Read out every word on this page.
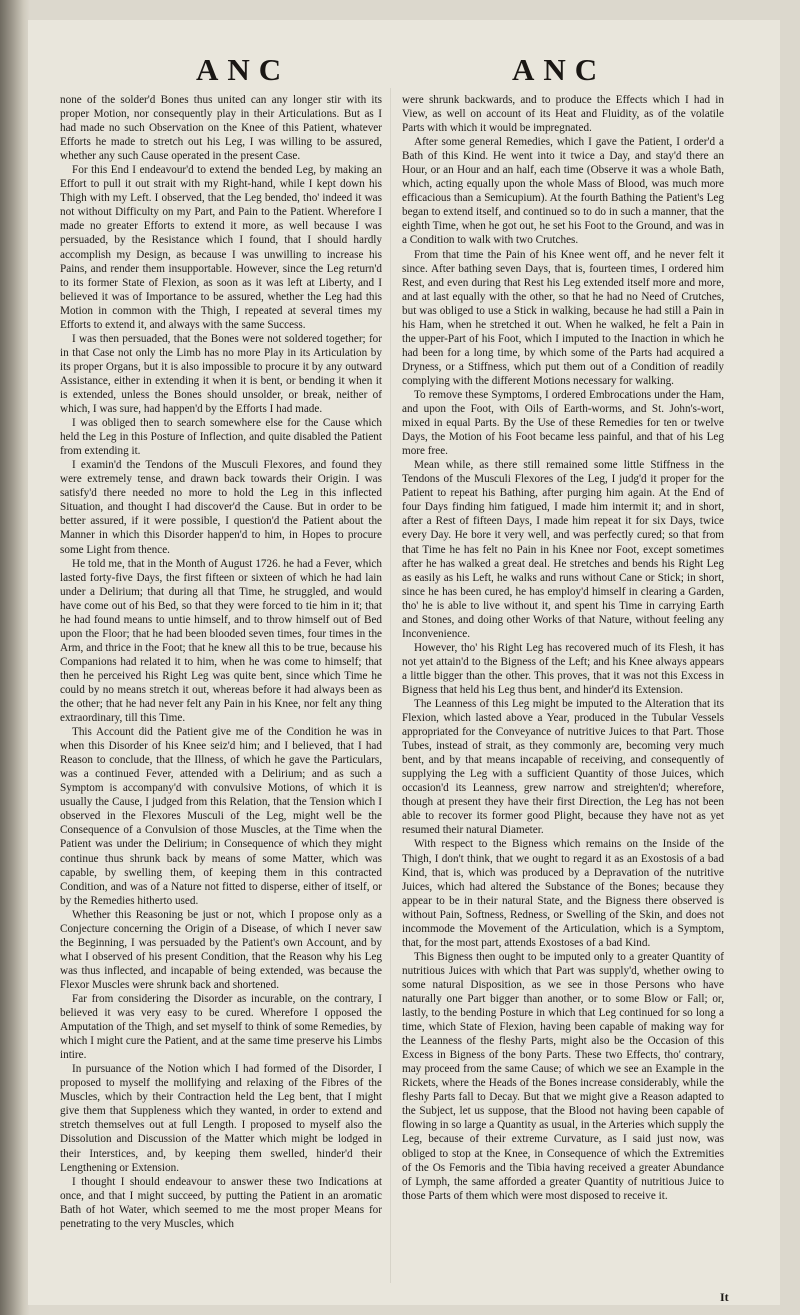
ANC	ANC

none of the solder'd Bones thus united can any longer stir with its proper Motion, nor consequently play in their Articulations. But as I had made no such Observation on the Knee of this Patient, whatever Efforts he made to stretch out his Leg, I was willing to be assured, whether any such Cause operated in the present Case.

For this End I endeavour'd to extend the bended Leg, by making an Effort to pull it out strait with my Right-hand, while I kept down his Thigh with my Left. I observed, that the Leg bended, tho' indeed it was not without Difficulty on my Part, and Pain to the Patient. Wherefore I made no greater Efforts to extend it more, as well because I was persuaded, by the Resistance which I found, that I should hardly accomplish my Design, as because I was unwilling to increase his Pains, and render them insupportable. However, since the Leg return'd to its former State of Flexion, as soon as it was left at Liberty, and I believed it was of Importance to be assured, whether the Leg had this Motion in common with the Thigh, I repeated at several times my Efforts to extend it, and always with the same Success.

I was then persuaded, that the Bones were not soldered together; for in that Case not only the Limb has no more Play in its Articulation by its proper Organs, but it is also impossible to procure it by any outward Assistance, either in extending it when it is bent, or bending it when it is extended, unless the Bones should unsolder, or break, neither of which, I was sure, had happen'd by the Efforts I had made.

I was obliged then to search somewhere else for the Cause which held the Leg in this Posture of Inflection, and quite disabled the Patient from extending it.

I examin'd the Tendons of the Musculi Flexores, and found they were extremely tense, and drawn back towards their Origin. I was satisfy'd there needed no more to hold the Leg in this inflected Situation, and thought I had discover'd the Cause. But in order to be better assured, if it were possible, I question'd the Patient about the Manner in which this Disorder happen'd to him, in Hopes to procure some Light from thence.

He told me, that in the Month of August 1726. he had a Fever, which lasted forty-five Days, the first fifteen or sixteen of which he had lain under a Delirium; that during all that Time, he struggled, and would have come out of his Bed, so that they were forced to tie him in it; that he had found means to untie himself, and to throw himself out of Bed upon the Floor; that he had been blooded seven times, four times in the Arm, and thrice in the Foot; that he knew all this to be true, because his Companions had related it to him, when he was come to himself; that then he perceived his Right Leg was quite bent, since which Time he could by no means stretch it out, whereas before it had always been as the other; that he had never felt any Pain in his Knee, nor felt any thing extraordinary, till this Time.

This Account did the Patient give me of the Condition he was in when this Disorder of his Knee seiz'd him; and I believed, that I had Reason to conclude, that the Illness, of which he gave the Particulars, was a continued Fever, attended with a Delirium; and as such a Symptom is accompany'd with convulsive Motions, of which it is usually the Cause, I judged from this Relation, that the Tension which I observed in the Flexores Musculi of the Leg, might well be the Consequence of a Convulsion of those Muscles, at the Time when the Patient was under the Delirium; in Consequence of which they might continue thus shrunk back by means of some Matter, which was capable, by swelling them, of keeping them in this contracted Condition, and was of a Nature not fitted to disperse, either of itself, or by the Remedies hitherto used.

Whether this Reasoning be just or not, which I propose only as a Conjecture concerning the Origin of a Disease, of which I never saw the Beginning, I was persuaded by the Patient's own Account, and by what I observed of his present Condition, that the Reason why his Leg was thus inflected, and incapable of being extended, was because the Flexor Muscles were shrunk back and shortened.

Far from considering the Disorder as incurable, on the contrary, I believed it was very easy to be cured. Wherefore I opposed the Amputation of the Thigh, and set myself to think of some Remedies, by which I might cure the Patient, and at the same time preserve his Limbs intire.

In pursuance of the Notion which I had formed of the Disorder, I proposed to myself the mollifying and relaxing of the Fibres of the Muscles, which by their Contraction held the Leg bent, that I might give them that Suppleness which they wanted, in order to extend and stretch themselves out at full Length. I proposed to myself also the Dissolution and Discussion of the Matter which might be lodged in their Interstices, and, by keeping them swelled, hinder'd their Lengthening or Extension.

I thought I should endeavour to answer these two Indications at once, and that I might succeed, by putting the Patient in an aromatic Bath of hot Water, which seemed to me the most proper Means for penetrating to the very Muscles, which

were shrunk backwards, and to produce the Effects which I had in View, as well on account of its Heat and Fluidity, as of the volatile Parts with which it would be impregnated.

After some general Remedies, which I gave the Patient, I order'd a Bath of this Kind. He went into it twice a Day, and stay'd there an Hour, or an Hour and an half, each time (Observe it was a whole Bath, which, acting equally upon the whole Mass of Blood, was much more efficacious than a Semicupium). At the fourth Bathing the Patient's Leg began to extend itself, and continued so to do in such a manner, that the eighth Time, when he got out, he set his Foot to the Ground, and was in a Condition to walk with two Crutches.

From that time the Pain of his Knee went off, and he never felt it since. After bathing seven Days, that is, fourteen times, I ordered him Rest, and even during that Rest his Leg extended itself more and more, and at last equally with the other, so that he had no Need of Crutches, but was obliged to use a Stick in walking, because he had still a Pain in his Ham, when he stretched it out. When he walked, he felt a Pain in the upper-Part of his Foot, which I imputed to the Inaction in which he had been for a long time, by which some of the Parts had acquired a Dryness, or a Stiffness, which put them out of a Condition of readily complying with the different Motions necessary for walking.

To remove these Symptoms, I ordered Embrocations under the Ham, and upon the Foot, with Oils of Earth-worms, and St. John's-wort, mixed in equal Parts. By the Use of these Remedies for ten or twelve Days, the Motion of his Foot became less painful, and that of his Leg more free.

Mean while, as there still remained some little Stiffness in the Tendons of the Musculi Flexores of the Leg, I judg'd it proper for the Patient to repeat his Bathing, after purging him again. At the End of four Days finding him fatigued, I made him intermit it; and in short, after a Rest of fifteen Days, I made him repeat it for six Days, twice every Day. He bore it very well, and was perfectly cured; so that from that Time he has felt no Pain in his Knee nor Foot, except sometimes after he has walked a great deal. He stretches and bends his Right Leg as easily as his Left, he walks and runs without Cane or Stick; in short, since he has been cured, he has employ'd himself in clearing a Garden, tho' he is able to live without it, and spent his Time in carrying Earth and Stones, and doing other Works of that Nature, without feeling any Inconvenience.

However, tho' his Right Leg has recovered much of its Flesh, it has not yet attain'd to the Bigness of the Left; and his Knee always appears a little bigger than the other. This proves, that it was not this Excess in Bigness that held his Leg thus bent, and hinder'd its Extension.

The Leanness of this Leg might be imputed to the Alteration that its Flexion, which lasted above a Year, produced in the Tubular Vessels appropriated for the Conveyance of nutritive Juices to that Part. Those Tubes, instead of strait, as they commonly are, becoming very much bent, and by that means incapable of receiving, and consequently of supplying the Leg with a sufficient Quantity of those Juices, which occasion'd its Leanness, grew narrow and streighten'd; wherefore, though at present they have their first Direction, the Leg has not been able to recover its former good Plight, because they have not as yet resumed their natural Diameter.

With respect to the Bigness which remains on the Inside of the Thigh, I don't think, that we ought to regard it as an Exostosis of a bad Kind, that is, which was produced by a Depravation of the nutritive Juices, which had altered the Substance of the Bones; because they appear to be in their natural State, and the Bigness there observed is without Pain, Softness, Redness, or Swelling of the Skin, and does not incommode the Movement of the Articulation, which is a Symptom, that, for the most part, attends Exostoses of a bad Kind.

This Bigness then ought to be imputed only to a greater Quantity of nutritious Juices with which that Part was supply'd, whether owing to some natural Disposition, as we see in those Persons who have naturally one Part bigger than another, or to some Blow or Fall; or, lastly, to the bending Posture in which that Leg continued for so long a time, which State of Flexion, having been capable of making way for the Leanness of the fleshy Parts, might also be the Occasion of this Excess in Bigness of the bony Parts. These two Effects, tho' contrary, may proceed from the same Cause; of which we see an Example in the Rickets, where the Heads of the Bones increase considerably, while the fleshy Parts fall to Decay. But that we might give a Reason adapted to the Subject, let us suppose, that the Blood not having been capable of flowing in so large a Quantity as usual, in the Arteries which supply the Leg, because of their extreme Curvature, as I said just now, was obliged to stop at the Knee, in Consequence of which the Extremities of the Os Femoris and the Tibia having received a greater Abundance of Lymph, the same afforded a greater Quantity of nutritious Juice to those Parts of them which were most disposed to receive it.

It
